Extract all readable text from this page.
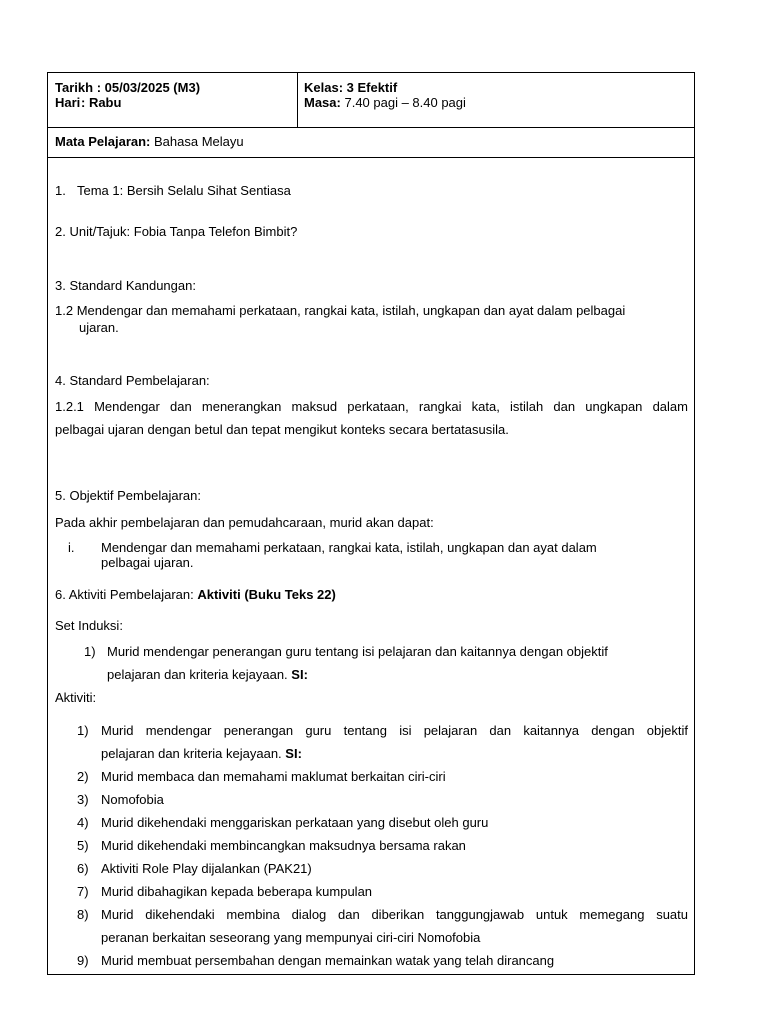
Tarikh : 05/03/2025 (M3)
Hari: Rabu
Kelas: 3 Efektif
Masa: 7.40 pagi – 8.40 pagi
Mata Pelajaran: Bahasa Melayu
1. Tema 1: Bersih Selalu Sihat Sentiasa
2. Unit/Tajuk: Fobia Tanpa Telefon Bimbit?
3. Standard Kandungan:
1.2 Mendengar dan memahami perkataan, rangkai kata, istilah, ungkapan dan ayat dalam pelbagai
ujaran.
4. Standard Pembelajaran:
1.2.1 Mendengar dan menerangkan maksud perkataan, rangkai kata, istilah dan ungkapan dalam
pelbagai ujaran dengan betul dan tepat mengikut konteks secara bertatasusila.
5. Objektif Pembelajaran:
Pada akhir pembelajaran dan pemudahcaraan, murid akan dapat:
i. Mendengar dan memahami perkataan, rangkai kata, istilah, ungkapan dan ayat dalam
pelbagai ujaran.
6. Aktiviti Pembelajaran: Aktiviti (Buku Teks 22)
Set Induksi:
1) Murid mendengar penerangan guru tentang isi pelajaran dan kaitannya dengan objektif
pelajaran dan kriteria kejayaan. SI:
Aktiviti:
1) Murid mendengar penerangan guru tentang isi pelajaran dan kaitannya dengan objektif
pelajaran dan kriteria kejayaan. SI:
2) Murid membaca dan memahami maklumat berkaitan ciri-ciri
3) Nomofobia
4) Murid dikehendaki menggariskan perkataan yang disebut oleh guru
5) Murid dikehendaki membincangkan maksudnya bersama rakan
6) Aktiviti Role Play dijalankan (PAK21)
7) Murid dibahagikan kepada beberapa kumpulan
8) Murid dikehendaki membina dialog dan diberikan tanggungjawab untuk memegang suatu
peranan berkaitan seseorang yang mempunyai ciri-ciri Nomofobia
9) Murid membuat persembahan dengan memainkan watak yang telah dirancang
